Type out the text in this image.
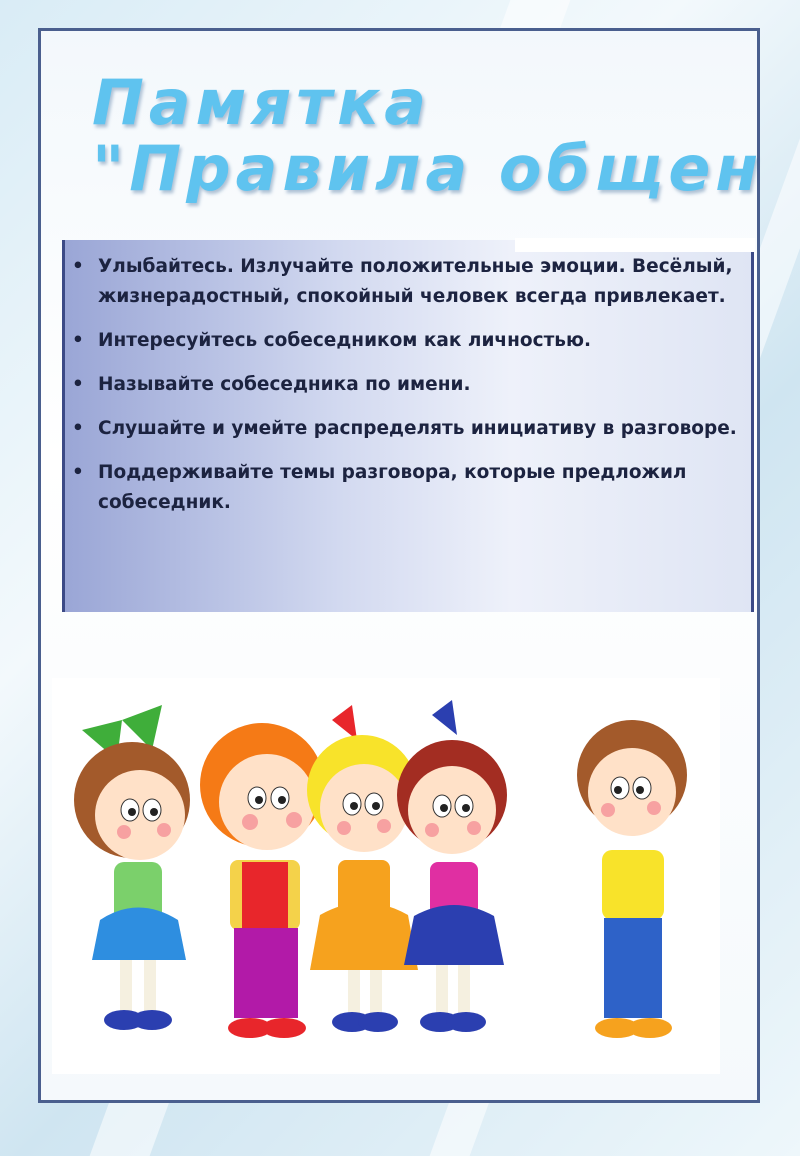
Памятка
"Правила общен
• Улыбайтесь. Излучайте положительные эмоции. Весёлый, жизнерадостный, спокойный человек всегда привлекает.
• Интересуйтесь собеседником как личностью.
• Называйте собеседника по имени.
• Слушайте и умейте распределять инициативу в разговоре.
• Поддерживайте темы разговора, которые предложил собеседник.
